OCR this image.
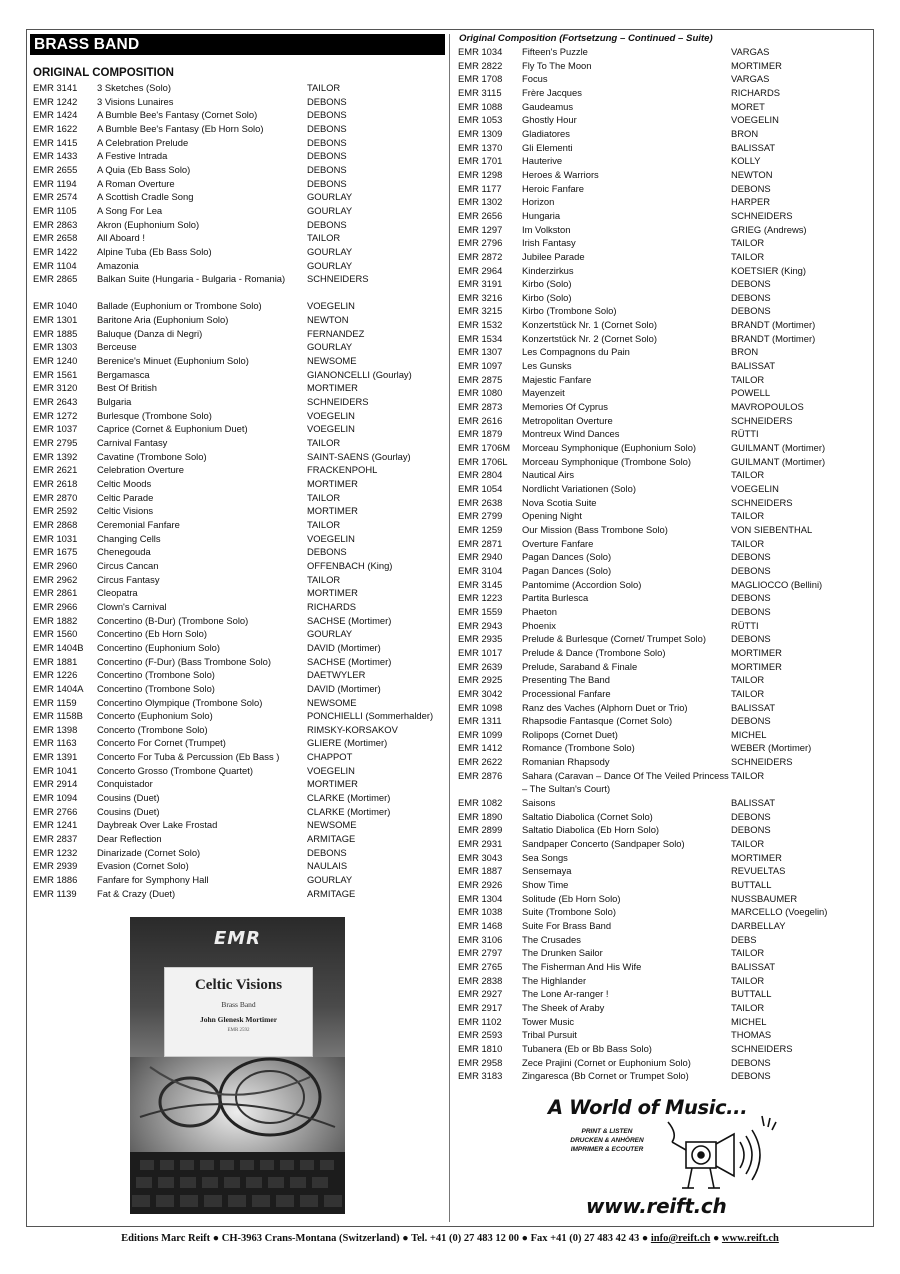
BRASS BAND
ORIGINAL COMPOSITION
EMR 3141	3 Sketches (Solo)	TAILOR
EMR 1242	3 Visions Lunaires	DEBONS
EMR 1424	A Bumble Bee's Fantasy (Cornet Solo)	DEBONS
EMR 1622	A Bumble Bee's Fantasy (Eb Horn Solo)	DEBONS
EMR 1415	A Celebration Prelude	DEBONS
EMR 1433	A Festive Intrada	DEBONS
EMR 2655	A Quia (Eb Bass Solo)	DEBONS
EMR 1194	A Roman Overture	DEBONS
EMR 2574	A Scottish Cradle Song	GOURLAY
EMR 1105	A Song For Lea	GOURLAY
EMR 2863	Akron (Euphonium Solo)	DEBONS
EMR 2658	All Aboard !	TAILOR
EMR 1422	Alpine Tuba (Eb Bass Solo)	GOURLAY
EMR 1104	Amazonia	GOURLAY
EMR 2865	Balkan Suite (Hungaria - Bulgaria - Romania)	SCHNEIDERS
EMR 1040	Ballade (Euphonium or Trombone Solo)	VOEGELIN
EMR 1301	Baritone Aria (Euphonium Solo)	NEWTON
EMR 1885	Baluque (Danza di Negri)	FERNANDEZ
EMR 1303	Berceuse	GOURLAY
EMR 1240	Berenice's Minuet (Euphonium Solo)	NEWSOME
EMR 1561	Bergamasca	GIANONCELLI (Gourlay)
EMR 3120	Best Of British	MORTIMER
EMR 2643	Bulgaria	SCHNEIDERS
EMR 1272	Burlesque (Trombone Solo)	VOEGELIN
EMR 1037	Caprice (Cornet & Euphonium Duet)	VOEGELIN
EMR 2795	Carnival Fantasy	TAILOR
EMR 1392	Cavatine (Trombone Solo)	SAINT-SAENS (Gourlay)
EMR 2621	Celebration Overture	FRACKENPOHL
EMR 2618	Celtic Moods	MORTIMER
EMR 2870	Celtic Parade	TAILOR
EMR 2592	Celtic Visions	MORTIMER
EMR 2868	Ceremonial Fanfare	TAILOR
EMR 1031	Changing Cells	VOEGELIN
EMR 1675	Chenegouda	DEBONS
EMR 2960	Circus Cancan	OFFENBACH (King)
EMR 2962	Circus Fantasy	TAILOR
EMR 2861	Cleopatra	MORTIMER
EMR 2966	Clown's Carnival	RICHARDS
EMR 1882	Concertino (B-Dur) (Trombone Solo)	SACHSE (Mortimer)
EMR 1560	Concertino (Eb Horn Solo)	GOURLAY
EMR 1404B	Concertino (Euphonium Solo)	DAVID (Mortimer)
EMR 1881	Concertino (F-Dur) (Bass Trombone Solo)	SACHSE (Mortimer)
EMR 1226	Concertino (Trombone Solo)	DAETWYLER
EMR 1404A	Concertino (Trombone Solo)	DAVID (Mortimer)
EMR 1159	Concertino Olympique (Trombone Solo)	NEWSOME
EMR 1158B	Concerto (Euphonium Solo)	PONCHIELLI (Sommerhalder)
EMR 1398	Concerto (Trombone Solo)	RIMSKY-KORSAKOV
EMR 1163	Concerto For Cornet (Trumpet)	GLIERE (Mortimer)
EMR 1391	Concerto For Tuba & Percussion (Eb Bass )	CHAPPOT
EMR 1041	Concerto Grosso (Trombone Quartet)	VOEGELIN
EMR 2914	Conquistador	MORTIMER
EMR 1094	Cousins (Duet)	CLARKE (Mortimer)
EMR 2766	Cousins (Duet)	CLARKE (Mortimer)
EMR 1241	Daybreak Over Lake Frostad	NEWSOME
EMR 2837	Dear Reflection	ARMITAGE
EMR 1232	Dinarizade (Cornet Solo)	DEBONS
EMR 2939	Evasion (Cornet Solo)	NAULAIS
EMR 1886	Fanfare for Symphony Hall	GOURLAY
EMR 1139	Fat & Crazy (Duet)	ARMITAGE
Original Composition (Fortsetzung – Continued – Suite)
EMR 1034	Fifteen's Puzzle	VARGAS
EMR 2822	Fly To The Moon	MORTIMER
EMR 1708	Focus	VARGAS
EMR 3115	Frère Jacques	RICHARDS
EMR 1088	Gaudeamus	MORET
EMR 1053	Ghostly Hour	VOEGELIN
EMR 1309	Gladiatores	BRON
EMR 1370	Gli Elementi	BALISSAT
EMR 1701	Hauterive	KOLLY
EMR 1298	Heroes & Warriors	NEWTON
EMR 1177	Heroic Fanfare	DEBONS
EMR 1302	Horizon	HARPER
EMR 2656	Hungaria	SCHNEIDERS
EMR 1297	Im Volkston	GRIEG (Andrews)
EMR 2796	Irish Fantasy	TAILOR
EMR 2872	Jubilee Parade	TAILOR
EMR 2964	Kinderzirkus	KOETSIER (King)
EMR 3191	Kirbo (Solo)	DEBONS
EMR 3216	Kirbo (Solo)	DEBONS
EMR 3215	Kirbo (Trombone Solo)	DEBONS
EMR 1532	Konzertstück Nr. 1 (Cornet Solo)	BRANDT (Mortimer)
EMR 1534	Konzertstück Nr. 2 (Cornet Solo)	BRANDT (Mortimer)
EMR 1307	Les Compagnons du Pain	BRON
EMR 1097	Les Gunsks	BALISSAT
EMR 2875	Majestic Fanfare	TAILOR
EMR 1080	Mayenzeit	POWELL
EMR 2873	Memories Of Cyprus	MAVROPOULOS
EMR 2616	Metropolitan Overture	SCHNEIDERS
EMR 1879	Montreux Wind Dances	RÜTTI
EMR 1706M	Morceau Symphonique (Euphonium Solo)	GUILMANT (Mortimer)
EMR 1706L	Morceau Symphonique (Trombone Solo)	GUILMANT (Mortimer)
EMR 2804	Nautical Airs	TAILOR
EMR 1054	Nordlicht Variationen (Solo)	VOEGELIN
EMR 2638	Nova Scotia Suite	SCHNEIDERS
EMR 2799	Opening Night	TAILOR
EMR 1259	Our Mission (Bass Trombone Solo)	VON SIEBENTHAL
EMR 2871	Overture Fanfare	TAILOR
EMR 2940	Pagan Dances (Solo)	DEBONS
EMR 3104	Pagan Dances (Solo)	DEBONS
EMR 3145	Pantomime (Accordion Solo)	MAGLIOCCO (Bellini)
EMR 1223	Partita Burlesca	DEBONS
EMR 1559	Phaeton	DEBONS
EMR 2943	Phoenix	RÜTTI
EMR 2935	Prelude & Burlesque (Cornet/ Trumpet Solo)	DEBONS
EMR 1017	Prelude & Dance (Trombone Solo)	MORTIMER
EMR 2639	Prelude, Saraband & Finale	MORTIMER
EMR 2925	Presenting The Band	TAILOR
EMR 3042	Processional Fanfare	TAILOR
EMR 1098	Ranz des Vaches (Alphorn Duet or Trio)	BALISSAT
EMR 1311	Rhapsodie Fantasque (Cornet Solo)	DEBONS
EMR 1099	Rolipops (Cornet Duet)	MICHEL
EMR 1412	Romance (Trombone Solo)	WEBER (Mortimer)
EMR 2622	Romanian Rhapsody	SCHNEIDERS
EMR 2876	Sahara (Caravan – Dance Of The Veiled Princess – The Sultan's Court)
TAILOR
EMR 1082	Saisons	BALISSAT
EMR 1890	Saltatio Diabolica (Cornet Solo)	DEBONS
EMR 2899	Saltatio Diabolica (Eb Horn Solo)	DEBONS
EMR 2931	Sandpaper Concerto (Sandpaper Solo)	TAILOR
EMR 3043	Sea Songs	MORTIMER
EMR 1887	Sensemaya	REVUELTAS
EMR 2926	Show Time	BUTTALL
EMR 1304	Solitude (Eb Horn Solo)	NUSSBAUMER
EMR 1038	Suite (Trombone Solo)	MARCELLO (Voegelin)
EMR 1468	Suite For Brass Band	DARBELLAY
EMR 3106	The Crusades	DEBS
EMR 2797	The Drunken Sailor	TAILOR
EMR 2765	The Fisherman And His Wife	BALISSAT
EMR 2838	The Highlander	TAILOR
EMR 2927	The Lone Ar-ranger !	BUTTALL
EMR 2917	The Sheek of Araby	TAILOR
EMR 1102	Tower Music	MICHEL
EMR 2593	Tribal Pursuit	THOMAS
EMR 1810	Tubanera (Eb or Bb Bass Solo)	SCHNEIDERS
EMR 2958	Zece Prajini (Cornet or Euphonium Solo)	DEBONS
EMR 3183	Zingaresca (Bb Cornet or Trumpet Solo)	DEBONS
EMR
Celtic Visions
Brass Band
John Glenesk Mortimer
EMR 2592
A World of Music...
PRINT & LISTEN
DRUCKEN & ANHÖREN
IMPRIMER & ECOUTER
www.reift.ch
Editions Marc Reift ● CH-3963 Crans-Montana (Switzerland) ● Tel. +41 (0) 27 483 12 00 ● Fax +41 (0) 27 483 42 43 ● info@reift.ch ● www.reift.ch
